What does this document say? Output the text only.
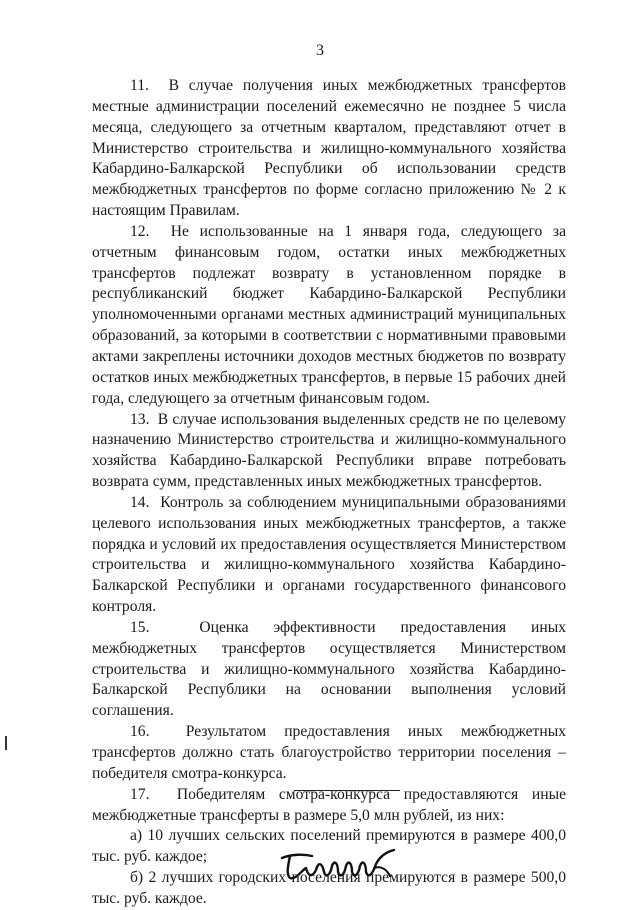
3

11.  В случае получения иных межбюджетных трансфертов местные администрации поселений ежемесячно не позднее 5 числа месяца, следующего за отчетным кварталом, представляют отчет в Министерство строительства и жилищно-коммунального хозяйства Кабардино-Балкарской Республики об использовании средств межбюджетных трансфертов по форме согласно приложению № 2 к настоящим Правилам.

12.  Не использованные на 1 января года, следующего за отчетным финансовым годом, остатки иных межбюджетных трансфертов подлежат возврату в установленном порядке в республиканский бюджет Кабардино-Балкарской Республики уполномоченными органами местных администраций муниципальных образований, за которыми в соответствии с нормативными правовыми актами закреплены источники доходов местных бюджетов по возврату остатков иных межбюджетных трансфертов, в первые 15 рабочих дней года, следующего за отчетным финансовым годом.

13.  В случае использования выделенных средств не по целевому назначению Министерство строительства и жилищно-коммунального хозяйства Кабардино-Балкарской Республики вправе потребовать возврата сумм, представленных иных межбюджетных трансфертов.

14.  Контроль за соблюдением муниципальными образованиями целевого использования иных межбюджетных трансфертов, а также порядка и условий их предоставления осуществляется Министерством строительства и жилищно-коммунального хозяйства Кабардино-Балкарской Республики и органами государственного финансового контроля.

15.  Оценка эффективности предоставления иных межбюджетных трансфертов осуществляется Министерством строительства и жилищно-коммунального хозяйства Кабардино-Балкарской Республики на основании выполнения условий соглашения.

16.  Результатом предоставления иных межбюджетных трансфертов должно стать благоустройство территории поселения – победителя смотра-конкурса.

17.  Победителям смотра-конкурса предоставляются иные межбюджетные трансферты в размере 5,0 млн рублей, из них:

а) 10 лучших сельских поселений премируются в размере 400,0 тыс. руб. каждое;

б) 2 лучших городских поселения премируются в размере 500,0 тыс. руб. каждое.
